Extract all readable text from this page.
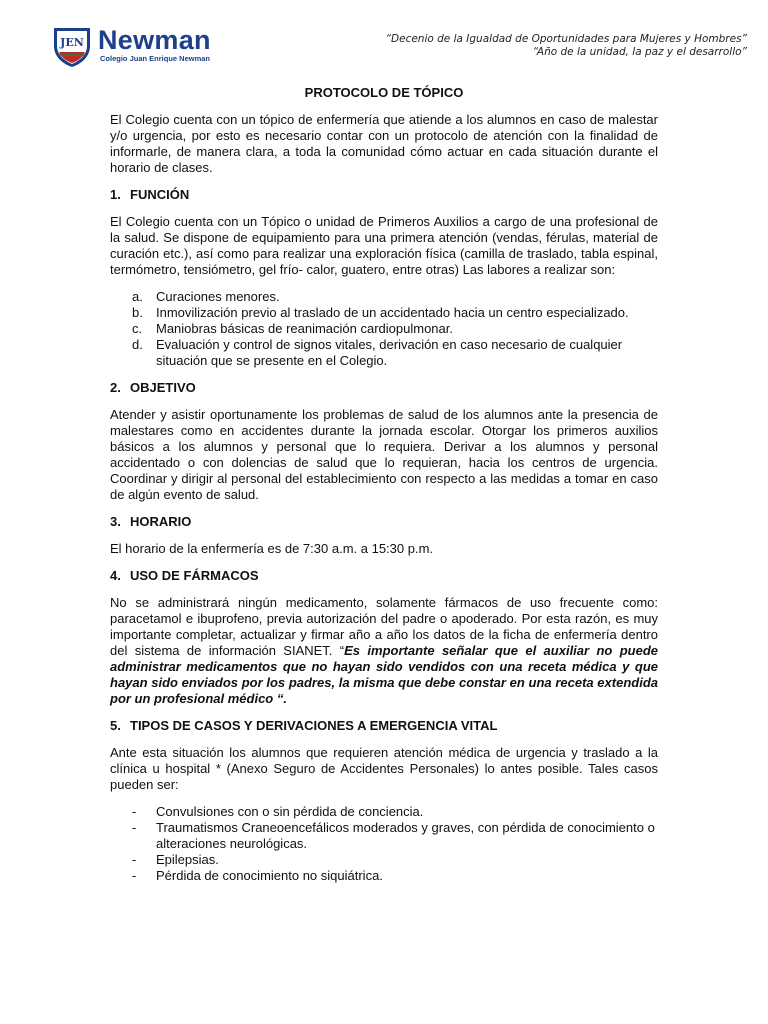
JEN Newman
Colegio Juan Enrique Newman
“Decenio de la Igualdad de Oportunidades para Mujeres y Hombres”
“Año de la unidad, la paz y el desarrollo”
PROTOCOLO DE TÓPICO

El Colegio cuenta con un tópico de enfermería que atiende a los alumnos en caso de malestar y/o urgencia, por esto es necesario contar con un protocolo de atención con la finalidad de informarle, de manera clara, a toda la comunidad cómo actuar en cada situación durante el horario de clases.

1. FUNCIÓN

El Colegio cuenta con un Tópico o unidad de Primeros Auxilios a cargo de una profesional de la salud. Se dispone de equipamiento para una primera atención (vendas, férulas, material de curación etc.), así como para realizar una exploración física (camilla de traslado, tabla espinal, termómetro, tensiómetro, gel frío- calor, guatero, entre otras) Las labores a realizar son:

a. Curaciones menores.
b. Inmovilización previo al traslado de un accidentado hacia un centro especializado.
c. Maniobras básicas de reanimación cardiopulmonar.
d. Evaluación y control de signos vitales, derivación en caso necesario de cualquier situación que se presente en el Colegio.
2. OBJETIVO

Atender y asistir oportunamente los problemas de salud de los alumnos ante la presencia de malestares como en accidentes durante la jornada escolar. Otorgar los primeros auxilios básicos a los alumnos y personal que lo requiera. Derivar a los alumnos y personal accidentado o con dolencias de salud que lo requieran, hacia los centros de urgencia. Coordinar y dirigir al personal del establecimiento con respecto a las medidas a tomar en caso de algún evento de salud.

3. HORARIO

El horario de la enfermería es de 7:30 a.m. a 15:30 p.m.

4. USO DE FÁRMACOS

No se administrará ningún medicamento, solamente fármacos de uso frecuente como: paracetamol e ibuprofeno, previa autorización del padre o apoderado. Por esta razón, es muy importante completar, actualizar y firmar año a año los datos de la ficha de enfermería dentro del sistema de información SIANET. “Es importante señalar que el auxiliar no puede administrar medicamentos que no hayan sido vendidos con una receta médica y que hayan sido enviados por los padres, la misma que debe constar en una receta extendida por un profesional médico “.

5. TIPOS DE CASOS Y DERIVACIONES A EMERGENCIA VITAL

Ante esta situación los alumnos que requieren atención médica de urgencia y traslado a la clínica u hospital * (Anexo Seguro de Accidentes Personales) lo antes posible. Tales casos pueden ser:

- Convulsiones con o sin pérdida de conciencia.
- Traumatismos Craneoencefálicos moderados y graves, con pérdida de conocimiento o alteraciones neurológicas.
- Epilepsias.
- Pérdida de conocimiento no siquiátrica.
